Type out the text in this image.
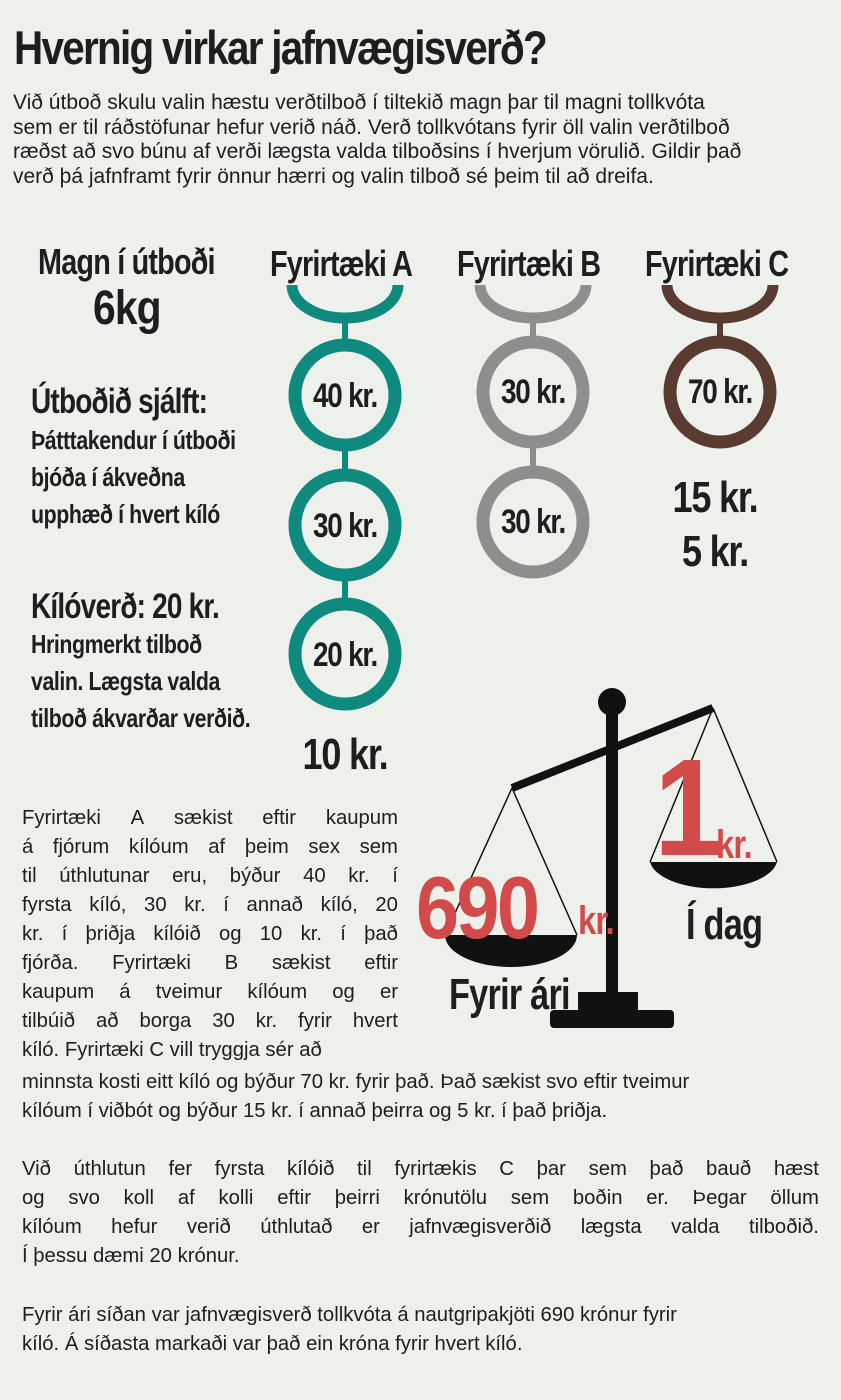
Hvernig virkar jafnvægisverð?
Við útboð skulu valin hæstu verðtilboð í tiltekið magn þar til magni tollkvóta
sem er til ráðstöfunar hefur verið náð. Verð tollkvótans fyrir öll valin verðtilboð
ræðst að svo búnu af verði lægsta valda tilboðsins í hverjum vörulið. Gildir það
verð þá jafnframt fyrir önnur hærri og valin tilboð sé þeim til að dreifa.
Magn í útboði
6kg
Útboðið sjálft:
Þátttakendur í útboði
bjóða í ákveðna
upphæð í hvert kíló
Kílóverð: 20 kr.
Hringmerkt tilboð
valin. Lægsta valda
tilboð ákvarðar verðið.
Fyrirtæki A Fyrirtæki B Fyrirtæki C
40 kr.
30 kr.
20 kr.
10 kr.
30 kr.
30 kr.
70 kr.
15 kr.
5 kr.
690 kr.
Fyrir ári
1
kr.
Í dag
Fyrirtæki A sækist eftir kaupum
á fjórum kílóum af þeim sex sem
til úthlutunar eru, býður 40 kr. í
fyrsta kíló, 30 kr. í annað kíló, 20
kr. í þriðja kílóið og 10 kr. í það
fjórða. Fyrirtæki B sækist eftir
kaupum á tveimur kílóum og er
tilbúið að borga 30 kr. fyrir hvert
kíló. Fyrirtæki C vill tryggja sér að
minnsta kosti eitt kíló og býður 70 kr. fyrir það. Það sækist svo eftir tveimur
kílóum í viðbót og býður 15 kr. í annað þeirra og 5 kr. í það þriðja.
Við úthlutun fer fyrsta kílóið til fyrirtækis C þar sem það bauð hæst
og svo koll af kolli eftir þeirri krónutölu sem boðin er. Þegar öllum
kílóum hefur verið úthlutað er jafnvægisverðið lægsta valda tilboðið.
Í þessu dæmi 20 krónur.
Fyrir ári síðan var jafnvægisverð tollkvóta á nautgripakjöti 690 krónur fyrir
kíló. Á síðasta markaði var það ein króna fyrir hvert kíló.
